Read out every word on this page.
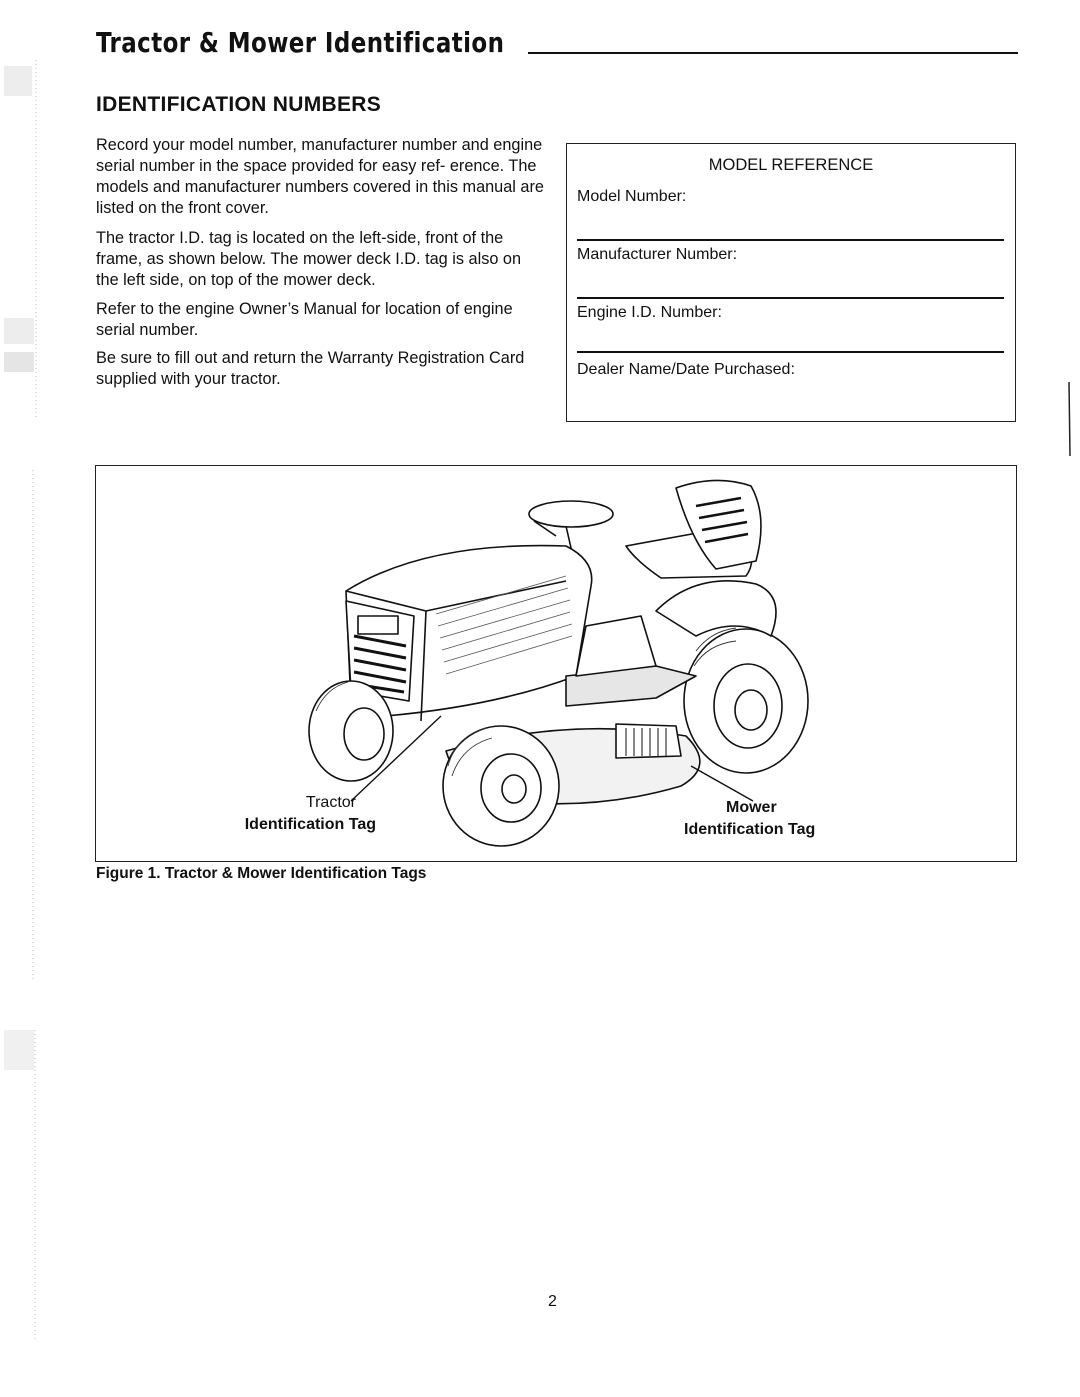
Tractor & Mower Identification
IDENTIFICATION NUMBERS

Record your model number, manufacturer number and engine serial number in the space provided for easy ref- erence. The models and manufacturer numbers covered in this manual are listed on the front cover.

The tractor I.D. tag is located on the left-side, front of the frame, as shown below. The mower deck I.D. tag is also on the left side, on top of the mower deck.

Refer to the engine Owner’s Manual for location of engine serial number.

Be sure to fill out and return the Warranty Registration Card supplied with your tractor.

MODEL REFERENCE
Model Number:
Manufacturer Number:
Engine I.D. Number:
Dealer Name/Date Purchased:
Tractor
Identification Tag
Mower
Identification Tag
Figure 1. Tractor & Mower Identification Tags
2
